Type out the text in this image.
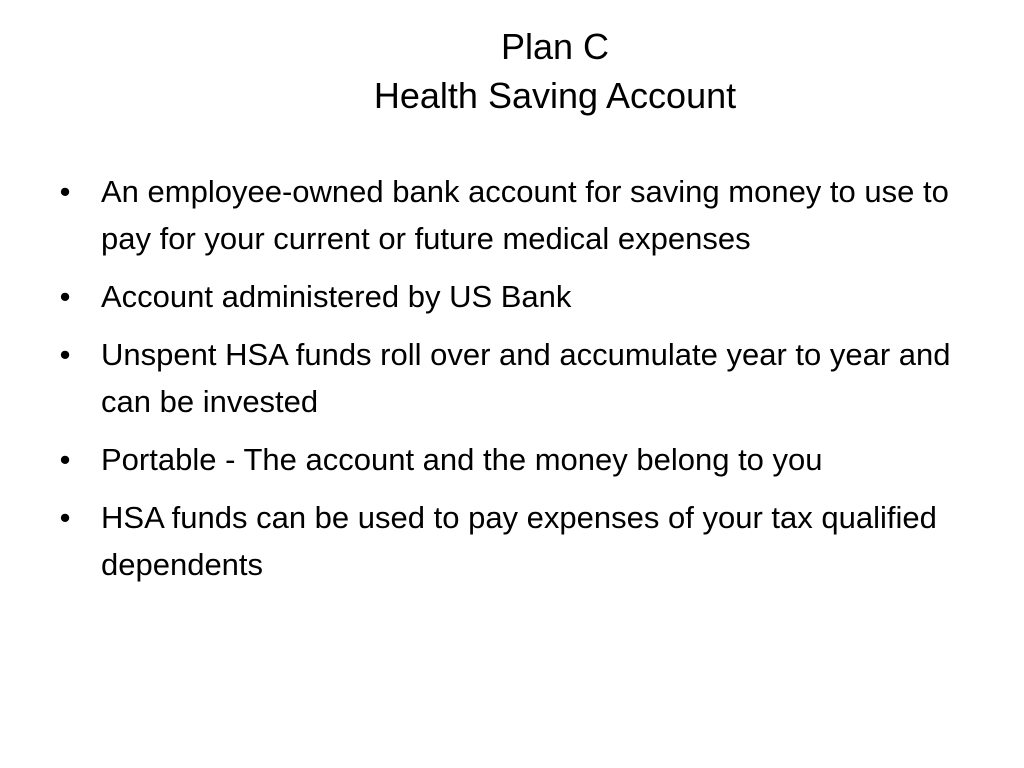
Plan C
Health Saving Account
• An employee-owned bank account for saving money to use to pay for your current or future medical expenses
• Account administered by US Bank
• Unspent HSA funds roll over and accumulate year to year and can be invested
• Portable - The account and the money belong to you
• HSA funds can be used to pay expenses of your tax qualified dependents
